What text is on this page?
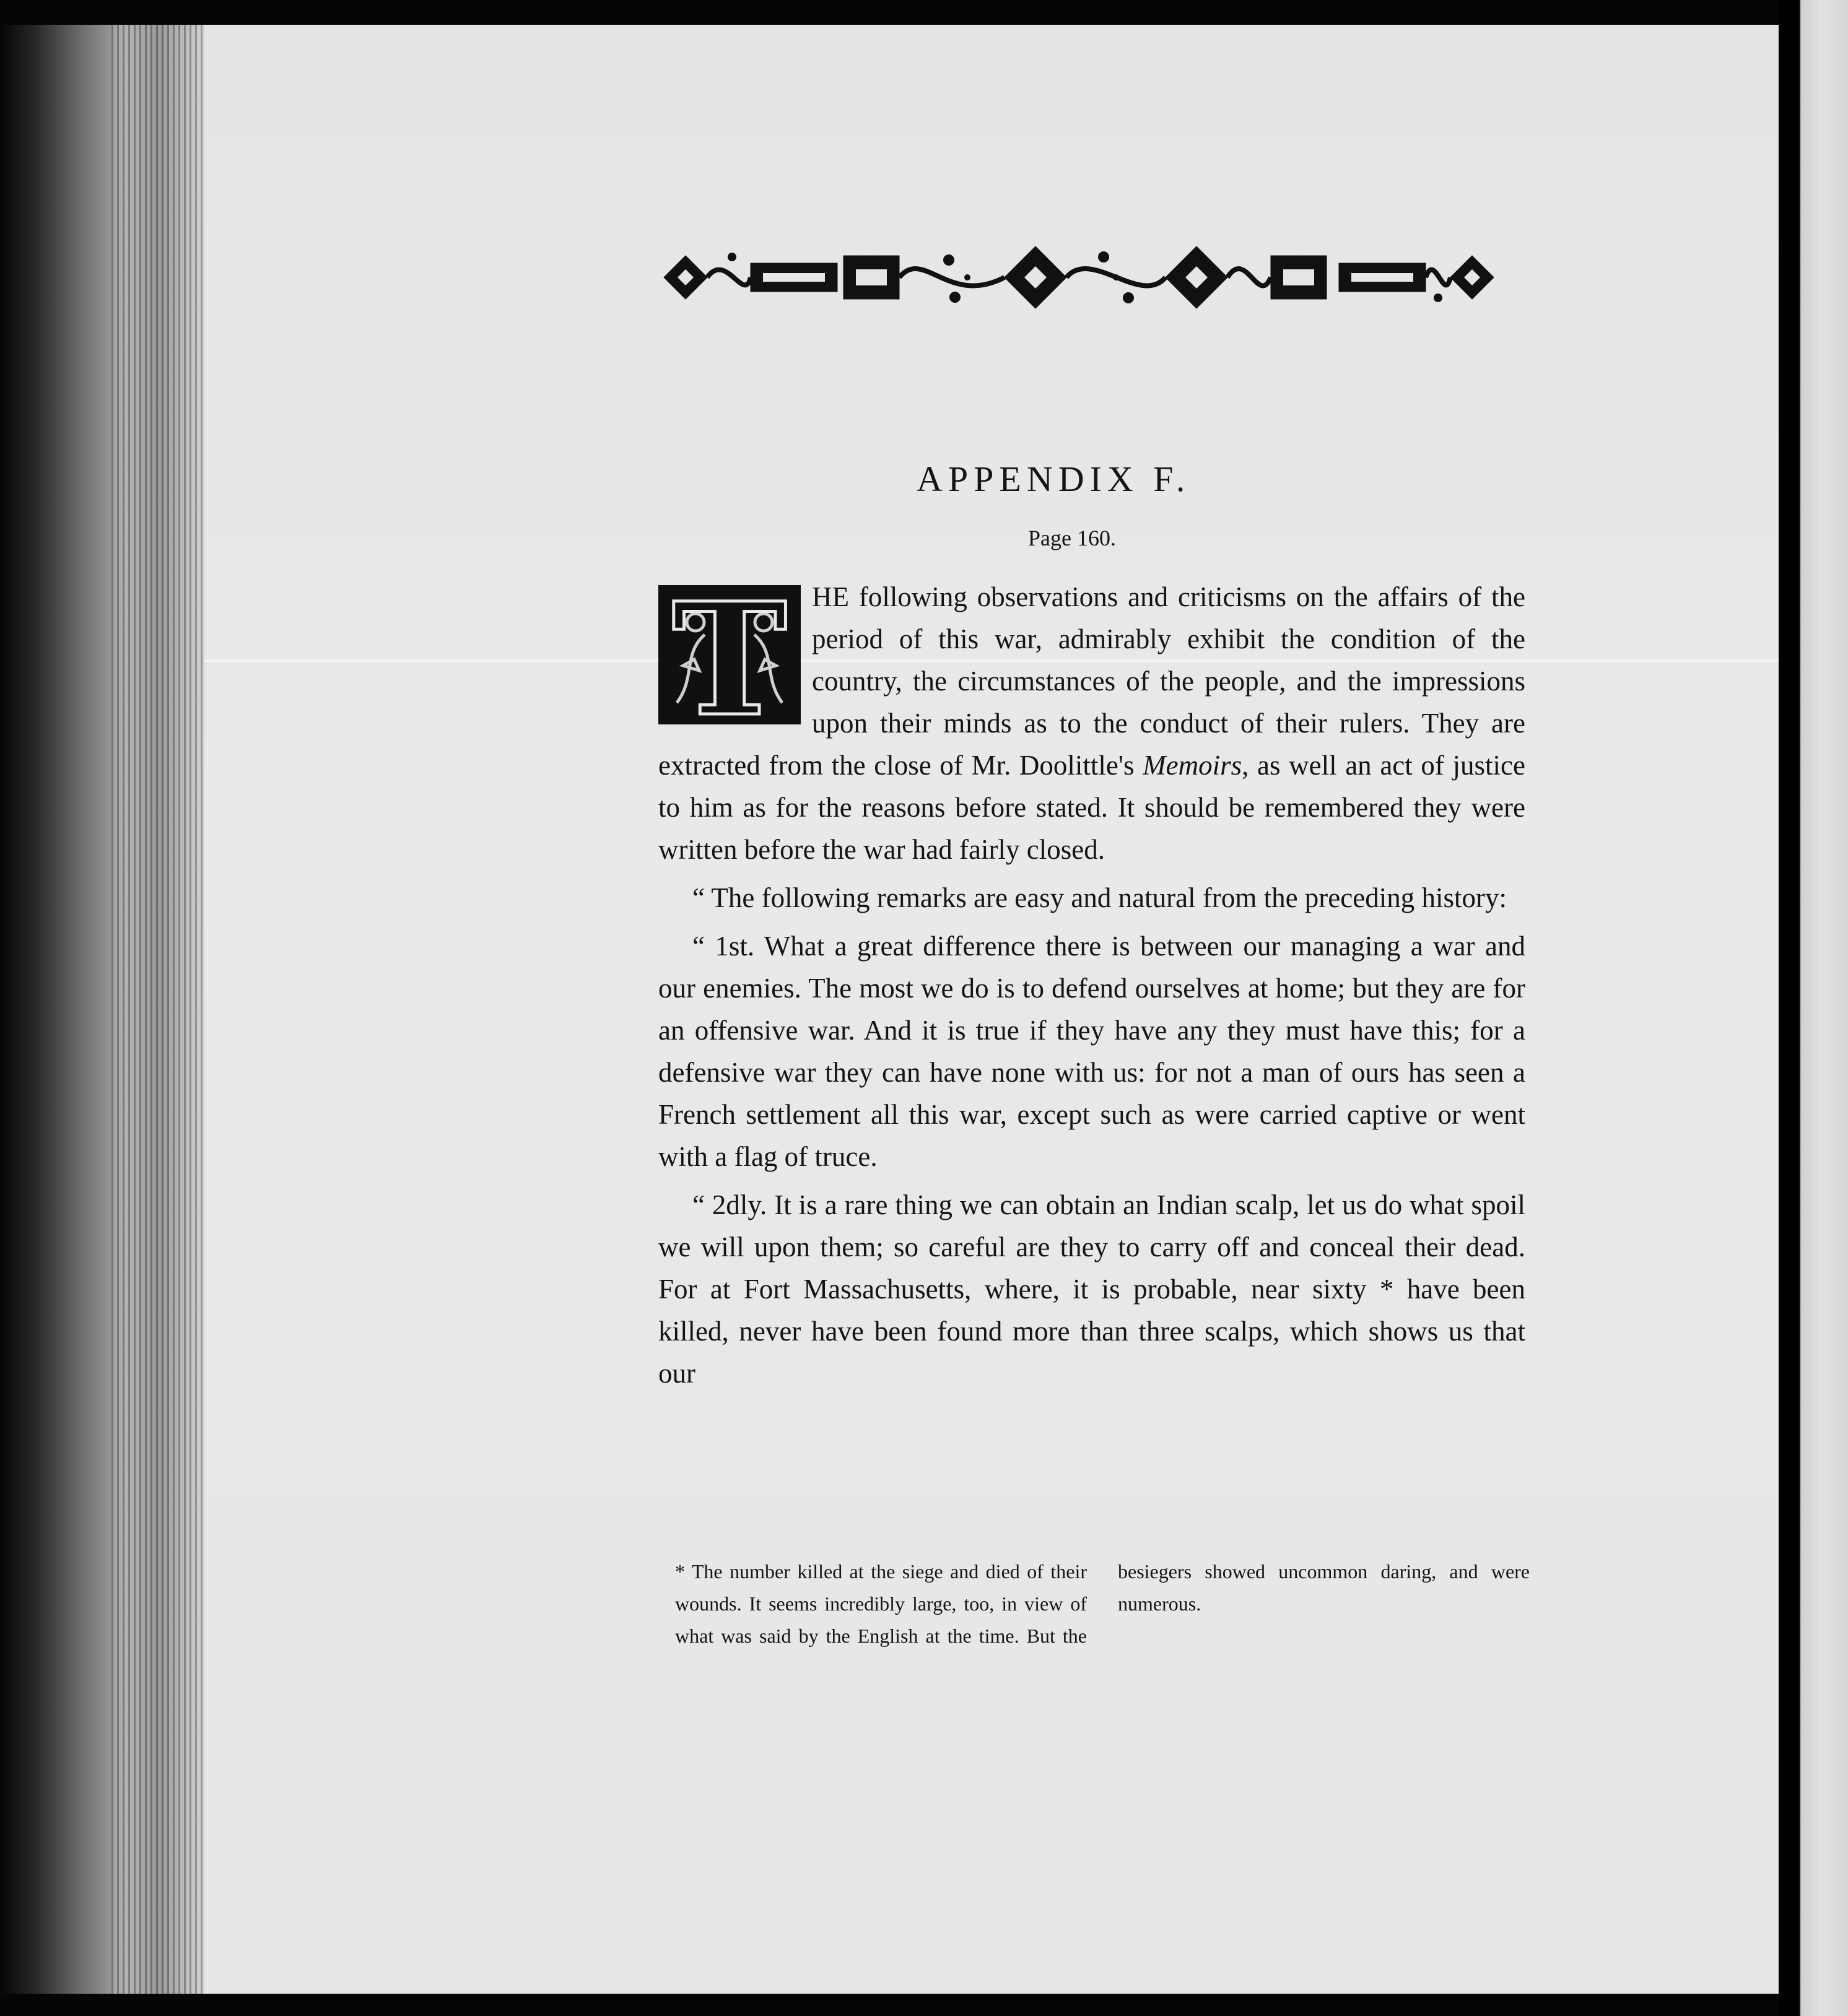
APPENDIX F.
Page 160.
T HE following observations and criticisms on the affairs of the period of this war, admirably exhibit the condition of the country, the circumstances of the people, and the impressions upon their minds as to the conduct of their rulers. They are extracted from the close of Mr. Doolittle's Memoirs, as well an act of justice to him as for the reasons before stated. It should be remembered they were written before the war had fairly closed.

“ The following remarks are easy and natural from the preceding history:

“ 1st. What a great difference there is between our managing a war and our enemies. The most we do is to defend ourselves at home; but they are for an offensive war. And it is true if they have any they must have this; for a defensive war they can have none with us: for not a man of ours has seen a French settlement all this war, except such as were carried captive or went with a flag of truce.

“ 2dly. It is a rare thing we can obtain an Indian scalp, let us do what spoil we will upon them; so careful are they to carry off and conceal their dead. For at Fort Massachusetts, where, it is probable, near sixty * have been killed, never have been found more than three scalps, which shows us that our

* The number killed at the siege and died of their wounds. It seems incredibly large, too, in view of what was said by the English at the time. But the besiegers showed uncommon daring, and were numerous.
